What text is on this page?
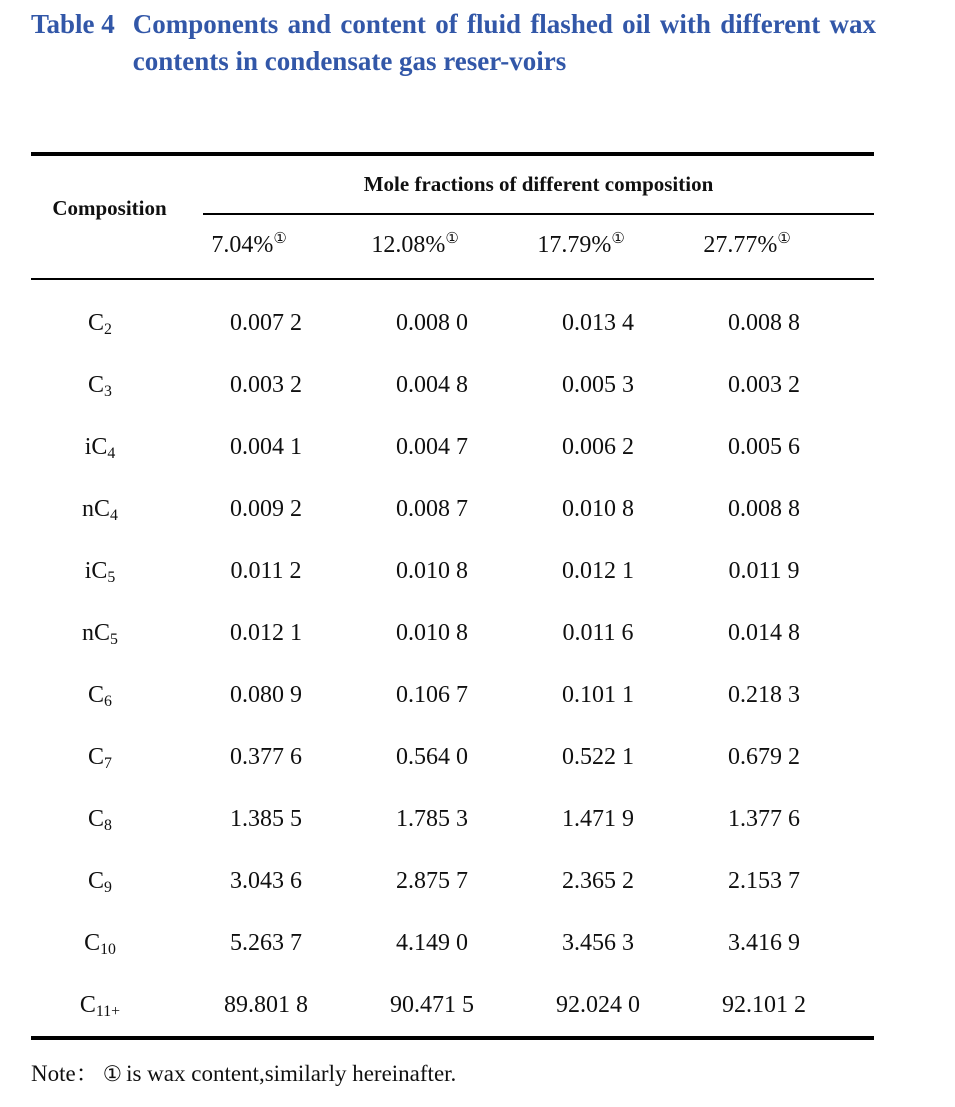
Table 4 Components and content of fluid flashed oil with different wax contents in condensate gas reser-voirs
Composition
Mole fractions of different composition
7.04%①	12.08%①	17.79%①	27.77%①
$C_2$	0.007 2	0.008 0	0.013 4	0.008 8
$C_3$	0.003 2	0.004 8	0.005 3	0.003 2
$iC_4$	0.004 1	0.004 7	0.006 2	0.005 6
$nC_4$	0.009 2	0.008 7	0.010 8	0.008 8
$iC_5$	0.011 2	0.010 8	0.012 1	0.011 9
$nC_5$	0.012 1	0.010 8	0.011 6	0.014 8
$C_6$	0.080 9	0.106 7	0.101 1	0.218 3
$C_7$	0.377 6	0.564 0	0.522 1	0.679 2
$C_8$	1.385 5	1.785 3	1.471 9	1.377 6
$C_9$	3.043 6	2.875 7	2.365 2	2.153 7
$C_{10}$	5.263 7	4.149 0	3.456 3	3.416 9
$C_{11+}$	89.801 8	90.471 5	92.024 0	92.101 2
Note： ① is wax content,similarly hereinafter.
